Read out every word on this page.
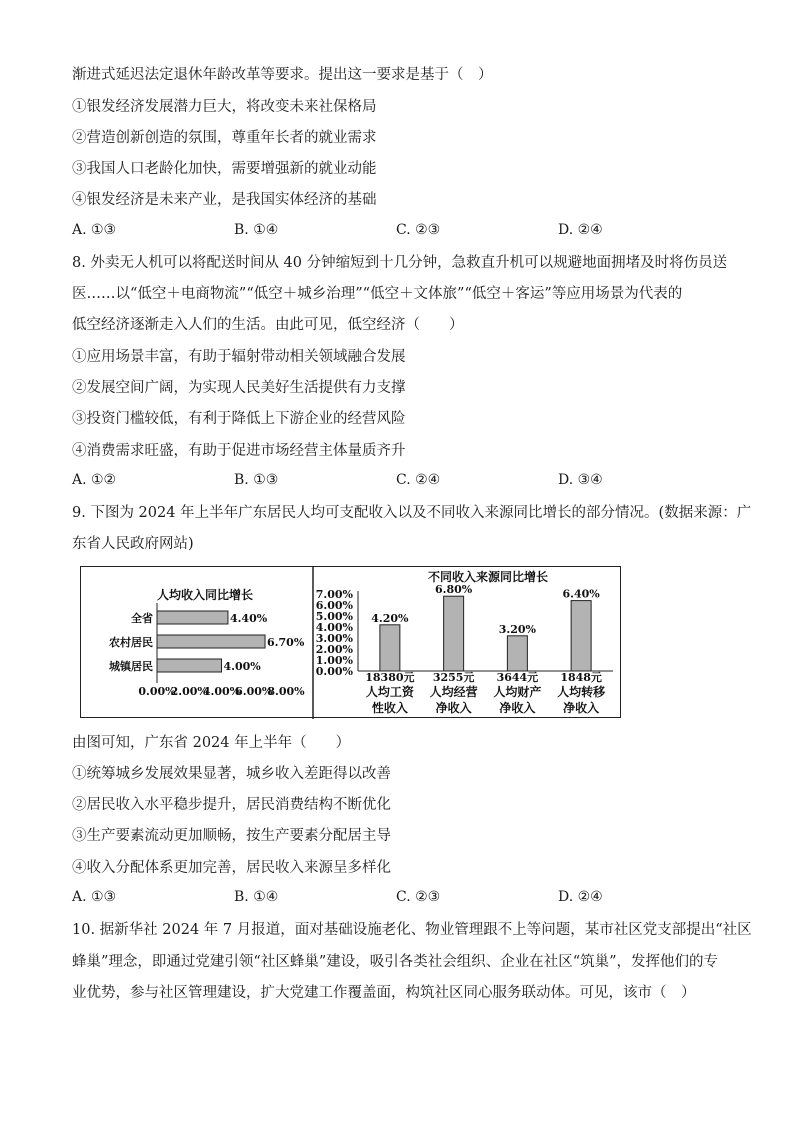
渐进式延迟法定退休年龄改革等要求。提出这一要求是基于（　）
①银发经济发展潜力巨大，将改变未来社保格局
②营造创新创造的氛围，尊重年长者的就业需求
③我国人口老龄化加快，需要增强新的就业动能
④银发经济是未来产业，是我国实体经济的基础
A. ①③	B. ①④	C. ②③	D. ②④
8. 外卖无人机可以将配送时间从 40 分钟缩短到十几分钟，急救直升机可以规避地面拥堵及时将伤员送
医……以“低空＋电商物流”“低空＋城乡治理”“低空＋文体旅”“低空＋客运”等应用场景为代表的
低空经济逐渐走入人们的生活。由此可见，低空经济（　　）
①应用场景丰富，有助于辐射带动相关领域融合发展
②发展空间广阔，为实现人民美好生活提供有力支撑
③投资门槛较低，有利于降低上下游企业的经营风险
④消费需求旺盛，有助于促进市场经营主体量质齐升
A. ①②	B. ①③	C. ②④	D. ③④
9. 下图为 2024 年上半年广东居民人均可支配收入以及不同收入来源同比增长的部分情况。(数据来源：广
东省人民政府网站)
人均收入同比增长
全省	4.40%
农村居民	6.70%
城镇居民	4.00%
0.00%
2.00%
4.00%
6.00%
8.00%
不同收入来源同比增长
0.00%
1.00%
2.00%
3.00%
4.00%
5.00%
6.00%
7.00%
4.20%
18380元
人均工资
性收入
6.80%
3255元
人均经营
净收入
3.20%
3644元
人均财产
净收入
6.40%
1848元
人均转移
净收入
由图可知，广东省 2024 年上半年（　　）
①统筹城乡发展效果显著，城乡收入差距得以改善
②居民收入水平稳步提升，居民消费结构不断优化
③生产要素流动更加顺畅，按生产要素分配居主导
④收入分配体系更加完善，居民收入来源呈多样化
A. ①③	B. ①④	C. ②③	D. ②④
10. 据新华社 2024 年 7 月报道，面对基础设施老化、物业管理跟不上等问题，某市社区党支部提出“社区
蜂巢”理念，即通过党建引领“社区蜂巢”建设，吸引各类社会组织、企业在社区“筑巢”，发挥他们的专
业优势，参与社区管理建设，扩大党建工作覆盖面，构筑社区同心服务联动体。可见，该市（　）
